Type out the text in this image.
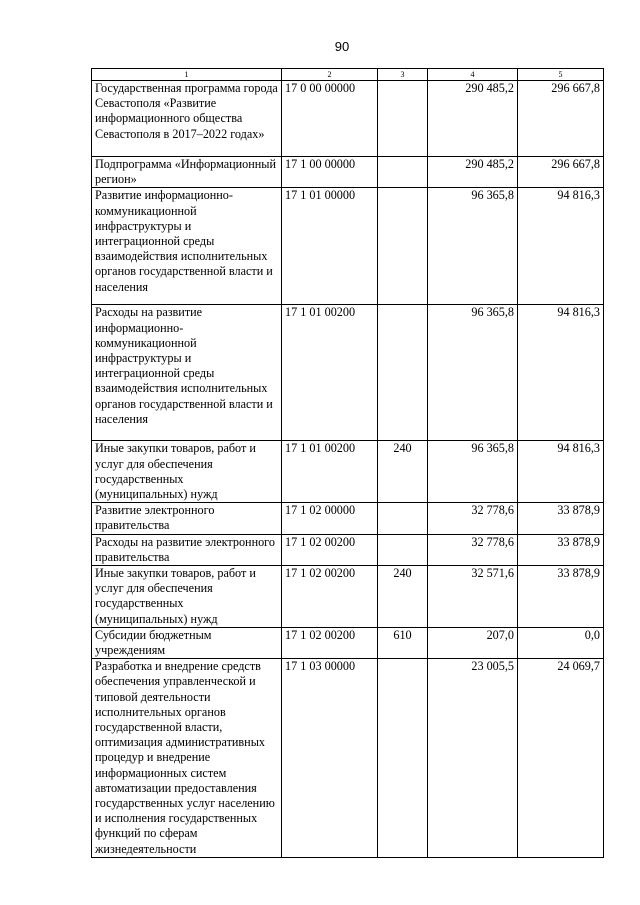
90
1	2	3	4	5
Государственная программа города Севастополя «Развитие информационного общества Севастополя в 2017–2022 годах»	17 0 00 00000		290 485,2	296 667,8
Подпрограмма «Информационный регион»	17 1 00 00000		290 485,2	296 667,8
Развитие информационно-коммуникационной инфраструктуры и интеграционной среды взаимодействия исполнительных органов государственной власти и населения	17 1 01 00000		96 365,8	94 816,3
Расходы на развитие информационно-коммуникационной инфраструктуры и интеграционной среды взаимодействия исполнительных органов государственной власти и населения	17 1 01 00200		96 365,8	94 816,3
Иные закупки товаров, работ и услуг для обеспечения государственных (муниципальных) нужд	17 1 01 00200	240	96 365,8	94 816,3
Развитие электронного правительства	17 1 02 00000		32 778,6	33 878,9
Расходы на развитие электронного правительства	17 1 02 00200		32 778,6	33 878,9
Иные закупки товаров, работ и услуг для обеспечения государственных (муниципальных) нужд	17 1 02 00200	240	32 571,6	33 878,9
Субсидии бюджетным учреждениям	17 1 02 00200	610	207,0	0,0
Разработка и внедрение средств обеспечения управленческой и типовой деятельности исполнительных органов государственной власти, оптимизация административных процедур и внедрение информационных систем автоматизации предоставления государственных услуг населению и исполнения государственных функций по сферам жизнедеятельности	17 1 03 00000		23 005,5	24 069,7
